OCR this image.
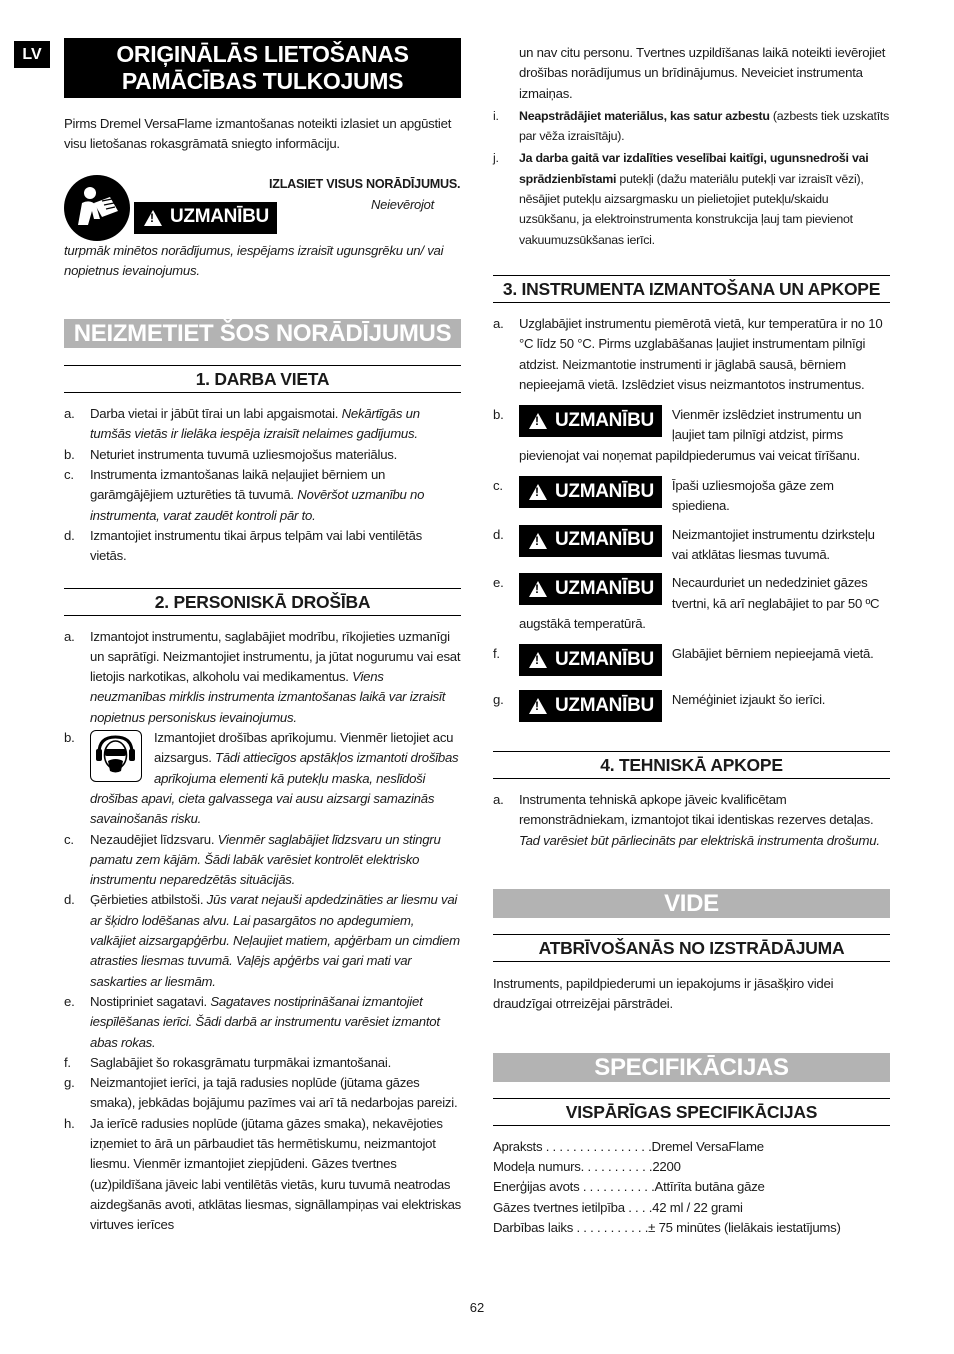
LV	ORIĢINĀLĀS LIETOŠANAS PAMĀCĪBAS TULKOJUMS

Pirms Dremel VersaFlame izmantošanas noteikti izlasiet un apgūstiet visu lietošanas rokasgrāmatā sniegto informāciju.

!
UZMANĪBU
IZLASIET VISUS NORĀDĪJUMUS.
Neievērojot

turpmāk minētos norādījumus, iespējams izraisīt ugunsgrēku un/ vai nopietnus ievainojumus.

NEIZMETIET ŠOS NORĀDĪJUMUS
1. DARBA VIETA
a.	Darba vietai ir jābūt tīrai un labi apgaismotai. Nekārtīgās un tumšās vietās ir lielāka iespēja izraisīt nelaimes gadījumus.
b.	Neturiet instrumenta tuvumā uzliesmojošus materiālus.
c.	Instrumenta izmantošanas laikā neļaujiet bērniem un garāmgājējiem uzturēties tā tuvumā. Novēršot uzmanību no instrumenta, varat zaudēt kontroli pār to.
d.	Izmantojiet instrumentu tikai ārpus telpām vai labi ventilētās vietās.
2. PERSONISKĀ DROŠĪBA
a.	Izmantojot instrumentu, saglabājiet modrību, rīkojieties uzmanīgi un saprātīgi. Neizmantojiet instrumentu, ja jūtat nogurumu vai esat lietojis narkotikas, alkoholu vai medikamentus. Viens neuzmanības mirklis instrumenta izmantošanas laikā var izraisīt nopietnus personiskus ievainojumus.
b.	Izmantojiet drošības aprīkojumu. Vienmēr lietojiet acu aizsargus. Tādi attiecīgos apstākļos izmantoti drošības aprīkojuma elementi kā putekļu maska, neslīdoši drošības apavi, cieta galvassega vai ausu aizsargi samazinās savainošanās risku.
c.	Nezaudējiet līdzsvaru. Vienmēr saglabājiet līdzsvaru un stingru pamatu zem kājām. Šādi labāk varēsiet kontrolēt elektrisko instrumentu neparedzētās situācijās.
d.	Ģērbieties atbilstoši. Jūs varat nejauši apdedzināties ar liesmu vai ar šķidro lodēšanas alvu. Lai pasargātos no apdegumiem, valkājiet aizsargapģērbu. Neļaujiet matiem, apģērbam un cimdiem atrasties liesmas tuvumā. Vaļējs apģērbs vai gari mati var saskarties ar liesmām.
e.	Nostipriniet sagatavi. Sagataves nostiprināšanai izmantojiet iespīlēšanas ierīci. Šādi darbā ar instrumentu varēsiet izmantot abas rokas.
f.	Saglabājiet šo rokasgrāmatu turpmākai izmantošanai.
g.	Neizmantojiet ierīci, ja tajā radusies noplūde (jūtama gāzes smaka), jebkādas bojājumu pazīmes vai arī tā nedarbojas pareizi.
h.	Ja ierīcē radusies noplūde (jūtama gāzes smaka), nekavējoties izņemiet to ārā un pārbaudiet tās hermētiskumu, neizmantojot liesmu. Vienmēr izmantojiet ziepjūdeni. Gāzes tvertnes (uz)pildīšana jāveic labi ventilētās vietās, kuru tuvumā neatrodas aizdegšanās avoti, atklātas liesmas, signāllampiņas vai elektriskas virtuves ierīces

un nav citu personu. Tvertnes uzpildīšanas laikā noteikti ievērojiet drošības norādījumus un brīdinājumus. Neveiciet instrumenta izmaiņas.

i.	Neapstrādājiet materiālus, kas satur azbestu (azbests tiek uzskatīts par vēža izraisītāju).
j.	Ja darba gaitā var izdalīties veselībai kaitīgi, ugunsnedroši vai sprādzienbīstami putekļi (dažu materiālu putekļi var izraisīt vēzi), nēsājiet putekļu aizsargmasku un pielietojiet putekļu/skaidu uzsūkšanu, ja elektroinstrumenta konstrukcija ļauj tam pievienot vakuumuzsūkšanas ierīci.
3. INSTRUMENTA IZMANTOŠANA UN APKOPE
a.	Uzglabājiet instrumentu piemērotā vietā, kur temperatūra ir no 10 °C līdz 50 °C. Pirms uzglabāšanas ļaujiet instrumentam pilnīgi atdzist. Neizmantotie instrumenti ir jāglabā sausā, bērniem nepieejamā vietā. Izslēdziet visus neizmantotos instrumentus.
b. !	UZMANĪBU Vienmēr izslēdziet instrumentu un ļaujiet tam pilnīgi atdzist, pirms
pievienojat vai noņemat papildpiederumus vai veicat tīrīšanu.
c. !	UZMANĪBU Īpaši uzliesmojoša gāze zem spiediena.
d. !	UZMANĪBU Neizmantojiet instrumentu dzirksteļu vai atklātas liesmas tuvumā.
e. !	UZMANĪBU Necaurduriet un nededziniet gāzes tvertni, kā arī neglabājiet to par 50 ºC
augstākā temperatūrā.
f. !	UZMANĪBU Glabājiet bērniem nepieejamā vietā.
g. !	UZMANĪBU Neméģiniet izjaukt šo ierīci.
4. TEHNISKĀ APKOPE
a.	Instrumenta tehniskā apkope jāveic kvalificētam remonstrādniekam, izmantojot tikai identiskas rezerves detaļas. Tad varēsiet būt pārliecināts par elektriskā instrumenta drošumu.
VIDE
ATBRĪVOŠANĀS NO IZSTRĀDĀJUMA

Instruments, papildpiederumi un iepakojums ir jāsašķiro videi draudzīgai otrreizējai pārstrādei.

SPECIFIKĀCIJAS
VISPĀRĪGAS SPECIFIKĀCIJAS
Apraksts . . . . . . . . . . . . . . . . Dremel VersaFlame
Modeļa numurs. . . . . . . . . . . 2200
Enerģijas avots . . . . . . . . . . . Attīrīta butāna gāze
Gāzes tvertnes ietilpība . . . . 42 ml / 22 grami
Darbības laiks . . . . . . . . . . . ± 75 minūtes (lielākais iestatījums)
62
